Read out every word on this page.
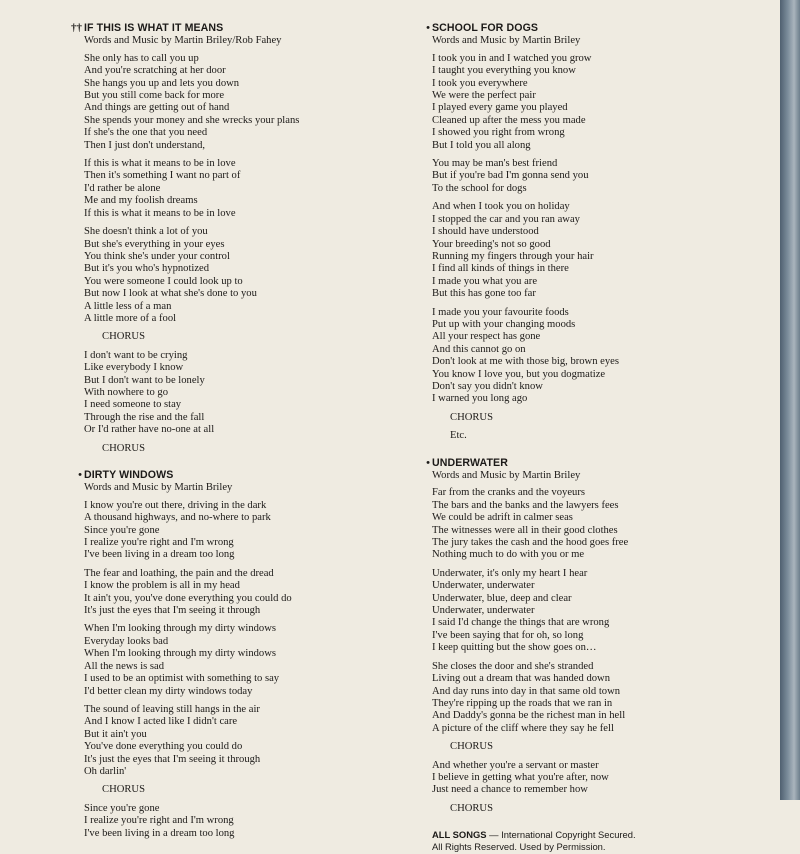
†† IF THIS IS WHAT IT MEANS
Words and Music by Martin Briley/Rob Fahey
She only has to call you up
And you're scratching at her door
She hangs you up and lets you down
But you still come back for more
And things are getting out of hand
She spends your money and she wrecks your plans
If she's the one that you need
Then I just don't understand,
If this is what it means to be in love
Then it's something I want no part of
I'd rather be alone
Me and my foolish dreams
If this is what it means to be in love
She doesn't think a lot of you
But she's everything in your eyes
You think she's under your control
But it's you who's hypnotized
You were someone I could look up to
But now I look at what she's done to you
A little less of a man
A little more of a fool
CHORUS
I don't want to be crying
Like everybody I know
But I don't want to be lonely
With nowhere to go
I need someone to stay
Through the rise and the fall
Or I'd rather have no-one at all
CHORUS
• DIRTY WINDOWS
Words and Music by Martin Briley
I know you're out there, driving in the dark
A thousand highways, and no-where to park
Since you're gone
I realize you're right and I'm wrong
I've been living in a dream too long
The fear and loathing, the pain and the dread
I know the problem is all in my head
It ain't you, you've done everything you could do
It's just the eyes that I'm seeing it through
When I'm looking through my dirty windows
Everyday looks bad
When I'm looking through my dirty windows
All the news is sad
I used to be an optimist with something to say
I'd better clean my dirty windows today
The sound of leaving still hangs in the air
And I know I acted like I didn't care
But it ain't you
You've done everything you could do
It's just the eyes that I'm seeing it through
Oh darlin'
CHORUS
Since you're gone
I realize you're right and I'm wrong
I've been living in a dream too long
• SCHOOL FOR DOGS
Words and Music by Martin Briley
I took you in and I watched you grow
I taught you everything you know
I took you everywhere
We were the perfect pair
I played every game you played
Cleaned up after the mess you made
I showed you right from wrong
But I told you all along
You may be man's best friend
But if you're bad I'm gonna send you
To the school for dogs
And when I took you on holiday
I stopped the car and you ran away
I should have understood
Your breeding's not so good
Running my fingers through your hair
I find all kinds of things in there
I made you what you are
But this has gone too far
I made you your favourite foods
Put up with your changing moods
All your respect has gone
And this cannot go on
Don't look at me with those big, brown eyes
You know I love you, but you dogmatize
Don't say you didn't know
I warned you long ago
CHORUS
Etc.
• UNDERWATER
Words and Music by Martin Briley
Far from the cranks and the voyeurs
The bars and the banks and the lawyers fees
We could be adrift in calmer seas
The witnesses were all in their good clothes
The jury takes the cash and the hood goes free
Nothing much to do with you or me
Underwater, it's only my heart I hear
Underwater, underwater
Underwater, blue, deep and clear
Underwater, underwater
I said I'd change the things that are wrong
I've been saying that for oh, so long
I keep quitting but the show goes on…
She closes the door and she's stranded
Living out a dream that was handed down
And day runs into day in that same old town
They're ripping up the roads that we ran in
And Daddy's gonna be the richest man in hell
A picture of the cliff where they say he fell
CHORUS
And whether you're a servant or master
I believe in getting what you're after, now
Just need a chance to remember how
CHORUS
ALL SONGS — International Copyright Secured.
All Rights Reserved. Used by Permission.
